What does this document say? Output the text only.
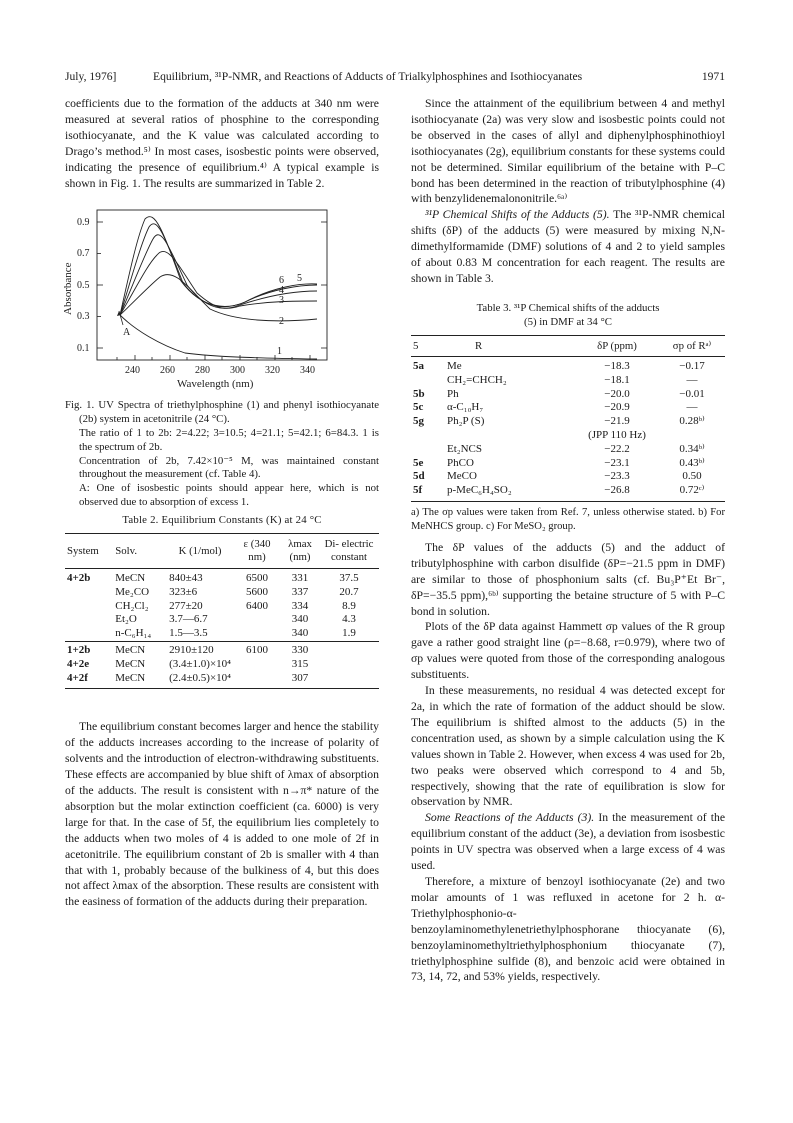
July, 1976]	Equilibrium, ³¹P-NMR, and Reactions of Adducts of Trialkylphosphines and Isothiocyanates	1971

coefficients due to the formation of the adducts at 340 nm were measured at several ratios of phosphine to the corresponding isothiocyanate, and the K value was calculated according to Drago’s method.⁵⁾ In most cases, isosbestic points were observed, indicating the presence of equilibrium.⁴⁾ A typical example is shown in Fig. 1. The results are summarized in Table 2.

0.9
0.7
0.5
0.3
0.1
240 260 280 300 320 340
1
2
3
4
5
6
A
Wavelength (nm)
Absorbance

Fig. 1. UV Spectra of triethylphosphine (1) and phenyl isothiocyanate (2b) system in acetonitrile (24 °C).

The ratio of 1 to 2b: 2=4.22; 3=10.5; 4=21.1; 5=42.1; 6=84.3. 1 is the spectrum of 2b.

Concentration of 2b, 7.42×10⁻⁵ M, was maintained constant throughout the measurement (cf. Table 4).

A: One of isosbestic points should appear here, which is not observed due to absorption of excess 1.

Table 2. Equilibrium Constants (K) at 24 °C
System	Solv.	K (1/mol)	ε (340 nm)	λmax (nm)	Di- electric constant

4+2b	MeCN	840±43	6500	331	37.5
	Me₂CO	323±6	5600	337	20.7
	CH₂Cl₂	277±20	6400	334	8.9
	Et₂O	3.7—6.7		340	4.3
	n-C₆H₁₄	1.5—3.5		340	1.9
1+2b	MeCN	2910±120	6100	330	
4+2e	MeCN	(3.4±1.0)×10⁴		315	
4+2f	MeCN	(2.4±0.5)×10⁴		307	

The equilibrium constant becomes larger and hence the stability of the adducts increases according to the increase of polarity of solvents and the introduction of electron-withdrawing substituents. These effects are accompanied by blue shift of λmax of absorption of the adducts. The result is consistent with n→π* nature of the absorption but the molar extinction coefficient (ca. 6000) is very large for that. In the case of 5f, the equilibrium lies completely to the adducts when two moles of 4 is added to one mole of 2f in acetonitrile. The equilibrium constant of 2b is smaller with 4 than that with 1, probably because of the bulkiness of 4, but this does not affect λmax of the absorption. These results are consistent with the easiness of formation of the adducts during their preparation.

Since the attainment of the equilibrium between 4 and methyl isothiocyanate (2a) was very slow and isosbestic points could not be observed in the cases of allyl and diphenylphosphinothioyl isothiocyanates (2g), equilibrium constants for these systems could not be determined. Similar equilibrium of the betaine with P–C bond has been determined in the reaction of tributylphosphine (4) with benzylidenemalononitrile.⁶ᵃ⁾

³¹P Chemical Shifts of the Adducts (5). The ³¹P-NMR chemical shifts (δP) of the adducts (5) were measured by mixing N,N-dimethylformamide (DMF) solutions of 4 and 2 to yield samples of about 0.83 M concentration for each reagent. The results are shown in Table 3.

Table 3. ³¹P Chemical shifts of the adducts
(5) in DMF at 34 °C
5	R	δP (ppm)	σp of Rᵃ⁾

5a	Me	−18.3	−0.17
	CH₂=CHCH₂	−18.1	—
5b	Ph	−20.0	−0.01
5c	α-C₁₀H₇	−20.9	—
5g	Ph₂P (S)	−21.9	0.28ᵇ⁾
		(JPP 110 Hz)	
	Et₂NCS	−22.2	0.34ᵇ⁾
5e	PhCO	−23.1	0.43ᵇ⁾
5d	MeCO	−23.3	0.50
5f	p-MeC₆H₄SO₂	−26.8	0.72ᶜ⁾

a) The σp values were taken from Ref. 7, unless otherwise stated. b) For MeNHCS group. c) For MeSO₂ group.

The δP values of the adducts (5) and the adduct of tributylphosphine with carbon disulfide (δP=−21.5 ppm in DMF) are similar to those of phosphonium salts (cf. Bu₃P⁺Et Br⁻, δP=−35.5 ppm),⁶ᵇ⁾ supporting the betaine structure of 5 with P–C bond in solution.

Plots of the δP data against Hammett σp values of the R group gave a rather good straight line (ρ=−8.68, r=0.979), where two of σp values were quoted from those of the corresponding analogous substituents.

In these measurements, no residual 4 was detected except for 2a, in which the rate of formation of the adduct should be slow. The equilibrium is shifted almost to the adducts (5) in the concentration used, as shown by a simple calculation using the K values shown in Table 2. However, when excess 4 was used for 2b, two peaks were observed which correspond to 4 and 5b, respectively, showing that the rate of equilibration is slow for observation by NMR.

Some Reactions of the Adducts (3). In the measurement of the equilibrium constant of the adduct (3e), a deviation from isosbestic points in UV spectra was observed when a large excess of 4 was used.

Therefore, a mixture of benzoyl isothiocyanate (2e) and two molar amounts of 1 was refluxed in acetone for 2 h. α-Triethylphosphonio-α-benzoylaminomethylenetriethylphosphorane thiocyanate (6), benzoylaminomethyltriethylphosphonium thiocyanate (7), triethylphosphine sulfide (8), and benzoic acid were obtained in 73, 14, 72, and 53% yields, respectively.
